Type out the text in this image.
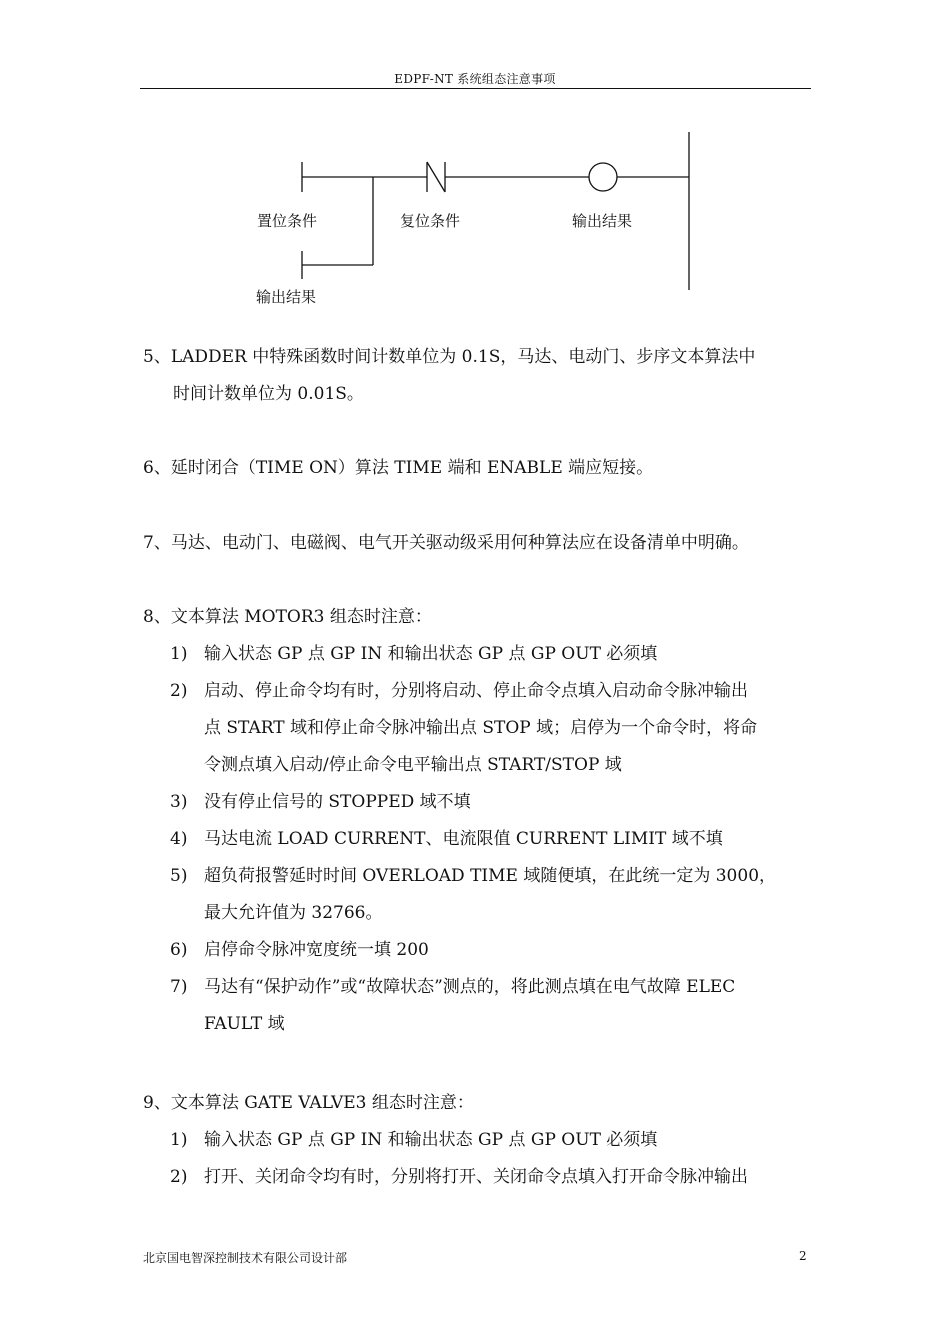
EDPF-NT 系统组态注意事项
置位条件	复位条件	输出结果
输出结果
5、LADDER 中特殊函数时间计数单位为 0.1S，马达、电动门、步序文本算法中
时间计数单位为 0.01S。
6、延时闭合（TIME ON）算法 TIME 端和 ENABLE 端应短接。
7、马达、电动门、电磁阀、电气开关驱动级采用何种算法应在设备清单中明确。
8、文本算法 MOTOR3 组态时注意：
1) 输入状态 GP 点 GP IN 和输出状态 GP 点 GP OUT 必须填
2) 启动、停止命令均有时，分别将启动、停止命令点填入启动命令脉冲输出
点 START 域和停止命令脉冲输出点 STOP 域；启停为一个命令时，将命
令测点填入启动/停止命令电平输出点 START/STOP 域
3) 没有停止信号的 STOPPED 域不填
4) 马达电流 LOAD CURRENT、电流限值 CURRENT LIMIT 域不填
5) 超负荷报警延时时间 OVERLOAD TIME 域随便填，在此统一定为 3000，
最大允许值为 32766。
6) 启停命令脉冲宽度统一填 200
7) 马达有“保护动作”或“故障状态”测点的，将此测点填在电气故障 ELEC
FAULT 域
9、文本算法 GATE VALVE3 组态时注意：
1) 输入状态 GP 点 GP IN 和输出状态 GP 点 GP OUT 必须填
2) 打开、关闭命令均有时，分别将打开、关闭命令点填入打开命令脉冲输出
北京国电智深控制技术有限公司设计部	2
